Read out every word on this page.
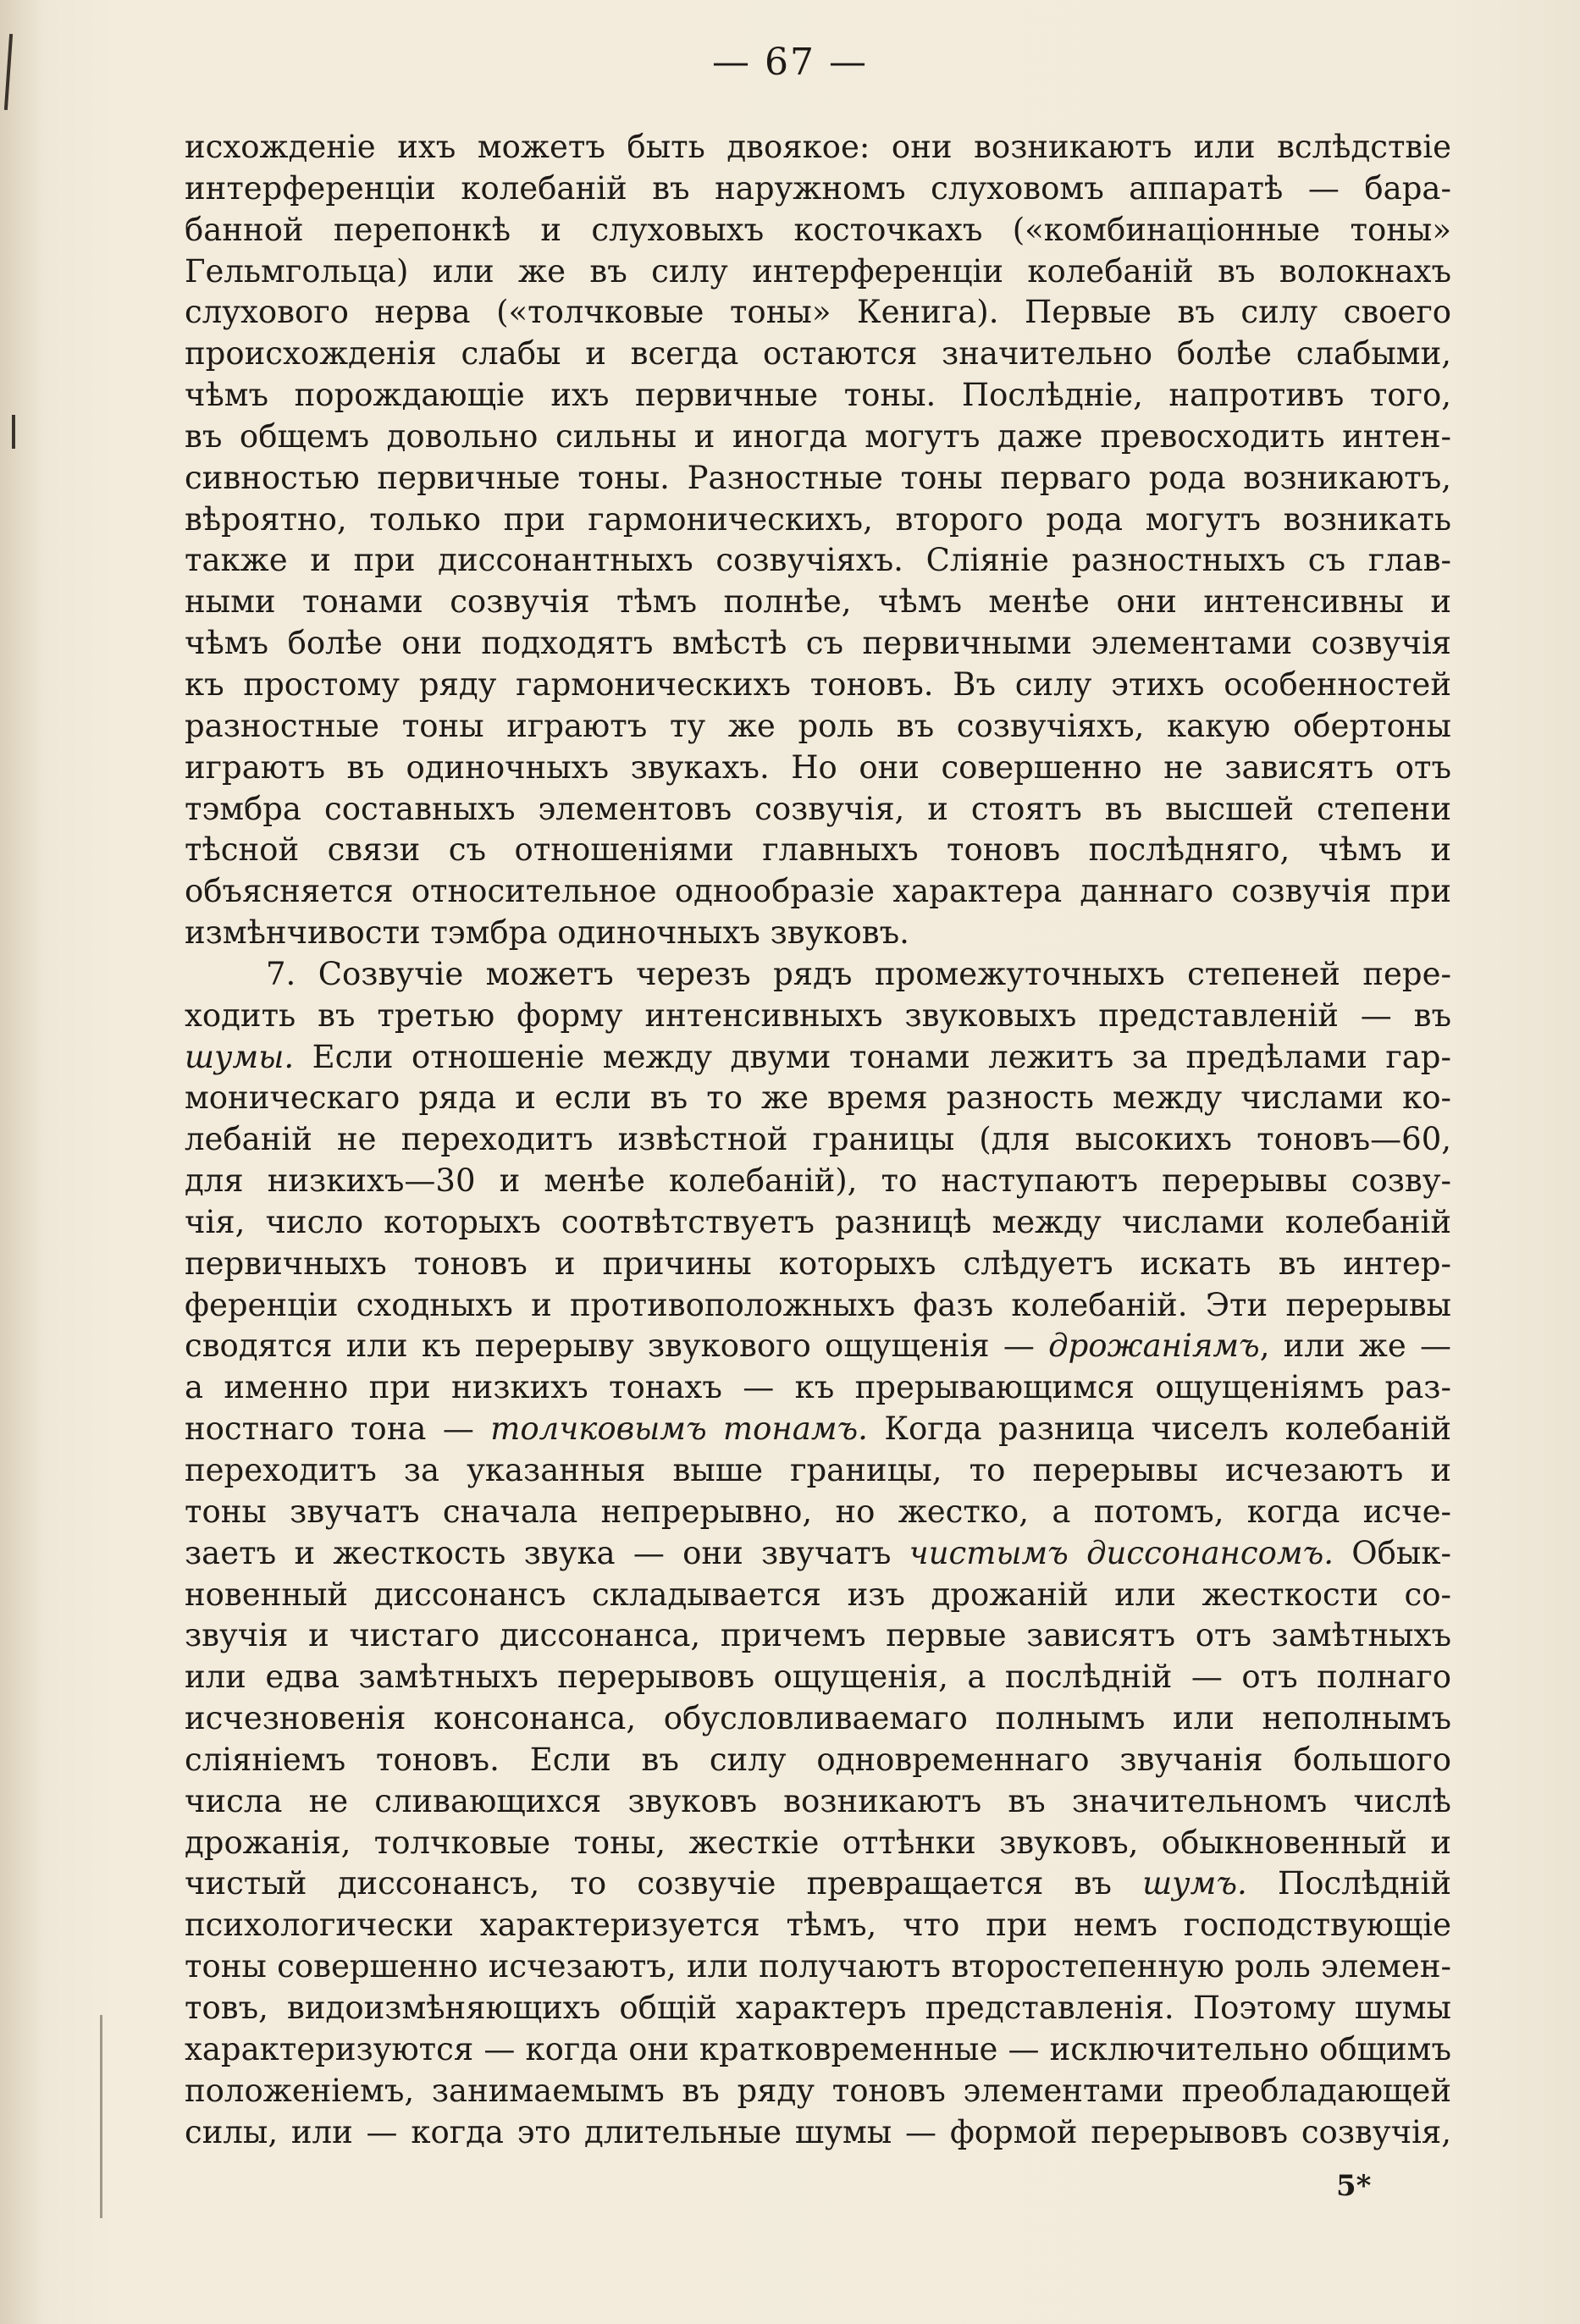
— 67 —
исхожденіе ихъ можетъ быть двоякое: они возникаютъ или вслѣдствіе
интерференціи колебаній въ наружномъ слуховомъ аппаратѣ — бара-
банной перепонкѣ и слуховыхъ косточкахъ («комбинаціонные тоны»
Гельмгольца) или же въ силу интерференціи колебаній въ волокнахъ
слухового нерва («толчковые тоны» Кенига). Первые въ силу своего
происхожденія слабы и всегда остаются значительно болѣе слабыми,
чѣмъ порождающіе ихъ первичные тоны. Послѣдніе, напротивъ того,
въ общемъ довольно сильны и иногда могутъ даже превосходить интен-
сивностью первичные тоны. Разностные тоны перваго рода возникаютъ,
вѣроятно, только при гармоническихъ, второго рода могутъ возникать
также и при диссонантныхъ созвучіяхъ. Сліяніе разностныхъ съ глав-
ными тонами созвучія тѣмъ полнѣе, чѣмъ менѣе они интенсивны и
чѣмъ болѣе они подходятъ вмѣстѣ съ первичными элементами созвучія
къ простому ряду гармоническихъ тоновъ. Въ силу этихъ особенностей
разностные тоны играютъ ту же роль въ созвучіяхъ, какую обертоны
играютъ въ одиночныхъ звукахъ. Но они совершенно не зависятъ отъ
тэмбра составныхъ элементовъ созвучія, и стоятъ въ высшей степени
тѣсной связи съ отношеніями главныхъ тоновъ послѣдняго, чѣмъ и
объясняется относительное однообразіе характера даннаго созвучія при
измѣнчивости тэмбра одиночныхъ звуковъ.
7. Созвучіе можетъ черезъ рядъ промежуточныхъ степеней пере-
ходить въ третью форму интенсивныхъ звуковыхъ представленій — въ
шумы. Если отношеніе между двуми тонами лежитъ за предѣлами гар-
моническаго ряда и если въ то же время разность между числами ко-
лебаній не переходитъ извѣстной границы (для высокихъ тоновъ—60,
для низкихъ—30 и менѣе колебаній), то наступаютъ перерывы созву-
чія, число которыхъ соотвѣтствуетъ разницѣ между числами колебаній
первичныхъ тоновъ и причины которыхъ слѣдуетъ искать въ интер-
ференціи сходныхъ и противоположныхъ фазъ колебаній. Эти перерывы
сводятся или къ перерыву звукового ощущенія — дрожаніямъ, или же —
а именно при низкихъ тонахъ — къ прерывающимся ощущеніямъ раз-
ностнаго тона — толчковымъ тонамъ. Когда разница чиселъ колебаній
переходитъ за указанныя выше границы, то перерывы исчезаютъ и
тоны звучатъ сначала непрерывно, но жестко, а потомъ, когда исче-
заетъ и жесткость звука — они звучатъ чистымъ диссонансомъ. Обык-
новенный диссонансъ складывается изъ дрожаній или жесткости со-
звучія и чистаго диссонанса, причемъ первые зависятъ отъ замѣтныхъ
или едва замѣтныхъ перерывовъ ощущенія, а послѣдній — отъ полнаго
исчезновенія консонанса, обусловливаемаго полнымъ или неполнымъ
сліяніемъ тоновъ. Если въ силу одновременнаго звучанія большого
числа не сливающихся звуковъ возникаютъ въ значительномъ числѣ
дрожанія, толчковые тоны, жесткіе оттѣнки звуковъ, обыкновенный и
чистый диссонансъ, то созвучіе превращается въ шумъ. Послѣдній
психологически характеризуется тѣмъ, что при немъ господствующіе
тоны совершенно исчезаютъ, или получаютъ второстепенную роль элемен-
товъ, видоизмѣняющихъ общій характеръ представленія. Поэтому шумы
характеризуются — когда они кратковременные — исключительно общимъ
положеніемъ, занимаемымъ въ ряду тоновъ элементами преобладающей
силы, или — когда это длительные шумы — формой перерывовъ созвучія,
5*
